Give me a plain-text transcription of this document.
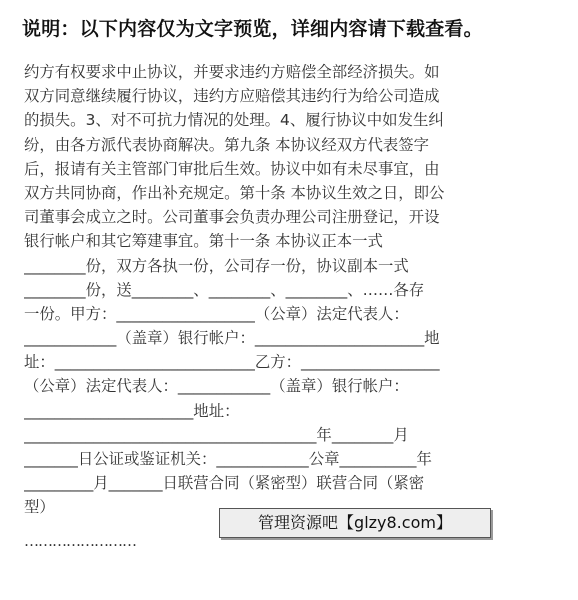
说明：以下内容仅为文字预览，详细内容请下载查看。
约方有权要求中止协议，并要求违约方赔偿全部经济损失。如
双方同意继续履行协议，违约方应赔偿其违约行为给公司造成
的损失。3、对不可抗力情况的处理。4、履行协议中如发生纠
纷，由各方派代表协商解决。第九条 本协议经双方代表签字
后，报请有关主管部门审批后生效。协议中如有未尽事宜，由
双方共同协商，作出补充规定。第十条 本协议生效之日，即公
司董事会成立之时。公司董事会负责办理公司注册登记，开设
银行帐户和其它筹建事宜。第十一条 本协议正本一式
________份，双方各执一份，公司存一份，协议副本一式
________份，送________、________、________、……各存
一份。甲方：__________________（公章）法定代表人：
____________（盖章）银行帐户：______________________地
址：__________________________乙方：__________________
（公章）法定代表人：____________（盖章）银行帐户：
______________________地址：
______________________________________年________月
_______日公证或鉴证机关：____________公章__________年
_________月_______日联营合同（紧密型）联营合同（紧密
型）
管理资源吧【glzy8.com】
……………………
